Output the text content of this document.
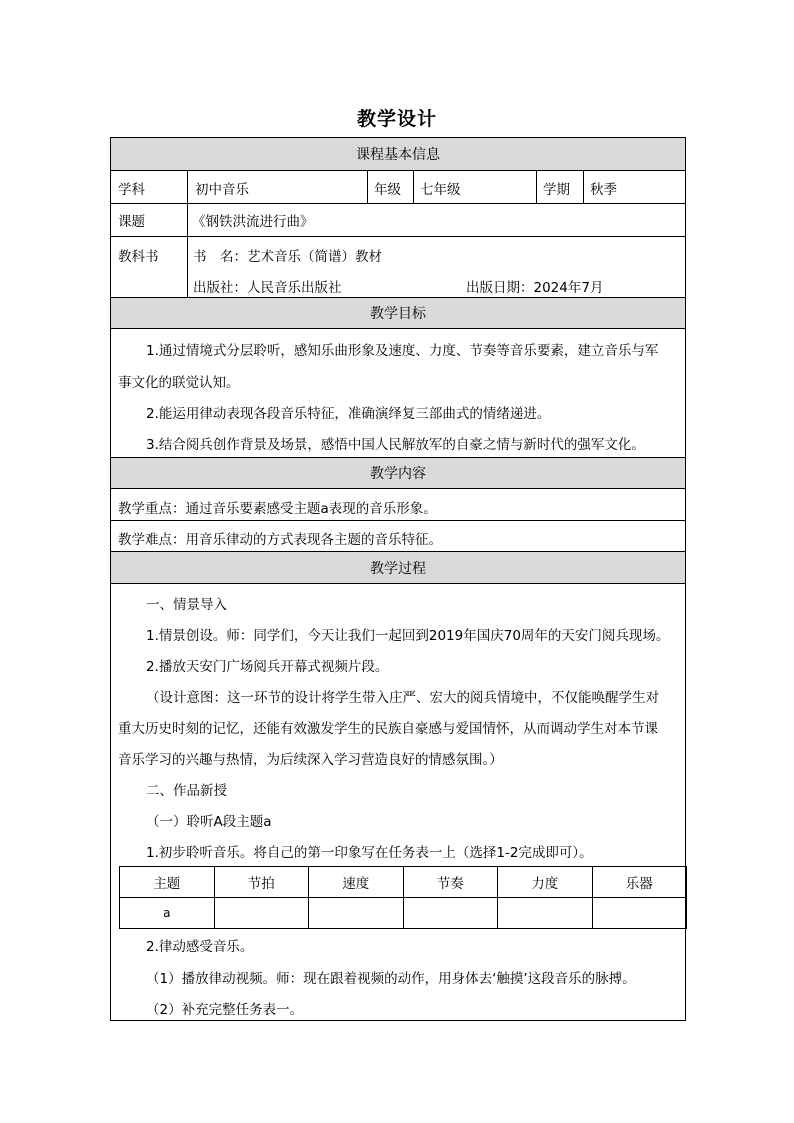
教学设计
课程基本信息
学科	初中音乐	年级 七年级	学期 秋季
课题	《钢铁洪流进行曲》
教科书	书　名：艺术音乐（简谱）教材
出版社：人民音乐出版社	出版日期：2024年7月
教学目标
1.通过情境式分层聆听，感知乐曲形象及速度、力度、节奏等音乐要素，建立音乐与军
事文化的联觉认知。
2.能运用律动表现各段音乐特征，准确演绎复三部曲式的情绪递进。
3.结合阅兵创作背景及场景，感悟中国人民解放军的自豪之情与新时代的强军文化。
教学内容
教学重点：通过音乐要素感受主题a表现的音乐形象。
教学难点：用音乐律动的方式表现各主题的音乐特征。
教学过程
一、情景导入
1.情景创设。师：同学们，今天让我们一起回到2019年国庆70周年的天安门阅兵现场。
2.播放天安门广场阅兵开幕式视频片段。
（设计意图：这一环节的设计将学生带入庄严、宏大的阅兵情境中，不仅能唤醒学生对
重大历史时刻的记忆，还能有效激发学生的民族自豪感与爱国情怀，从而调动学生对本节课
音乐学习的兴趣与热情，为后续深入学习营造良好的情感氛围。）
二、作品新授
（一）聆听A段主题a
1.初步聆听音乐。将自己的第一印象写在任务表一上（选择1-2完成即可）。
主题	节拍	速度	节奏	力度	乐器
a					
2.律动感受音乐。
（1）播放律动视频。师：现在跟着视频的动作，用身体去‘触摸’这段音乐的脉搏。
（2）补充完整任务表一。
